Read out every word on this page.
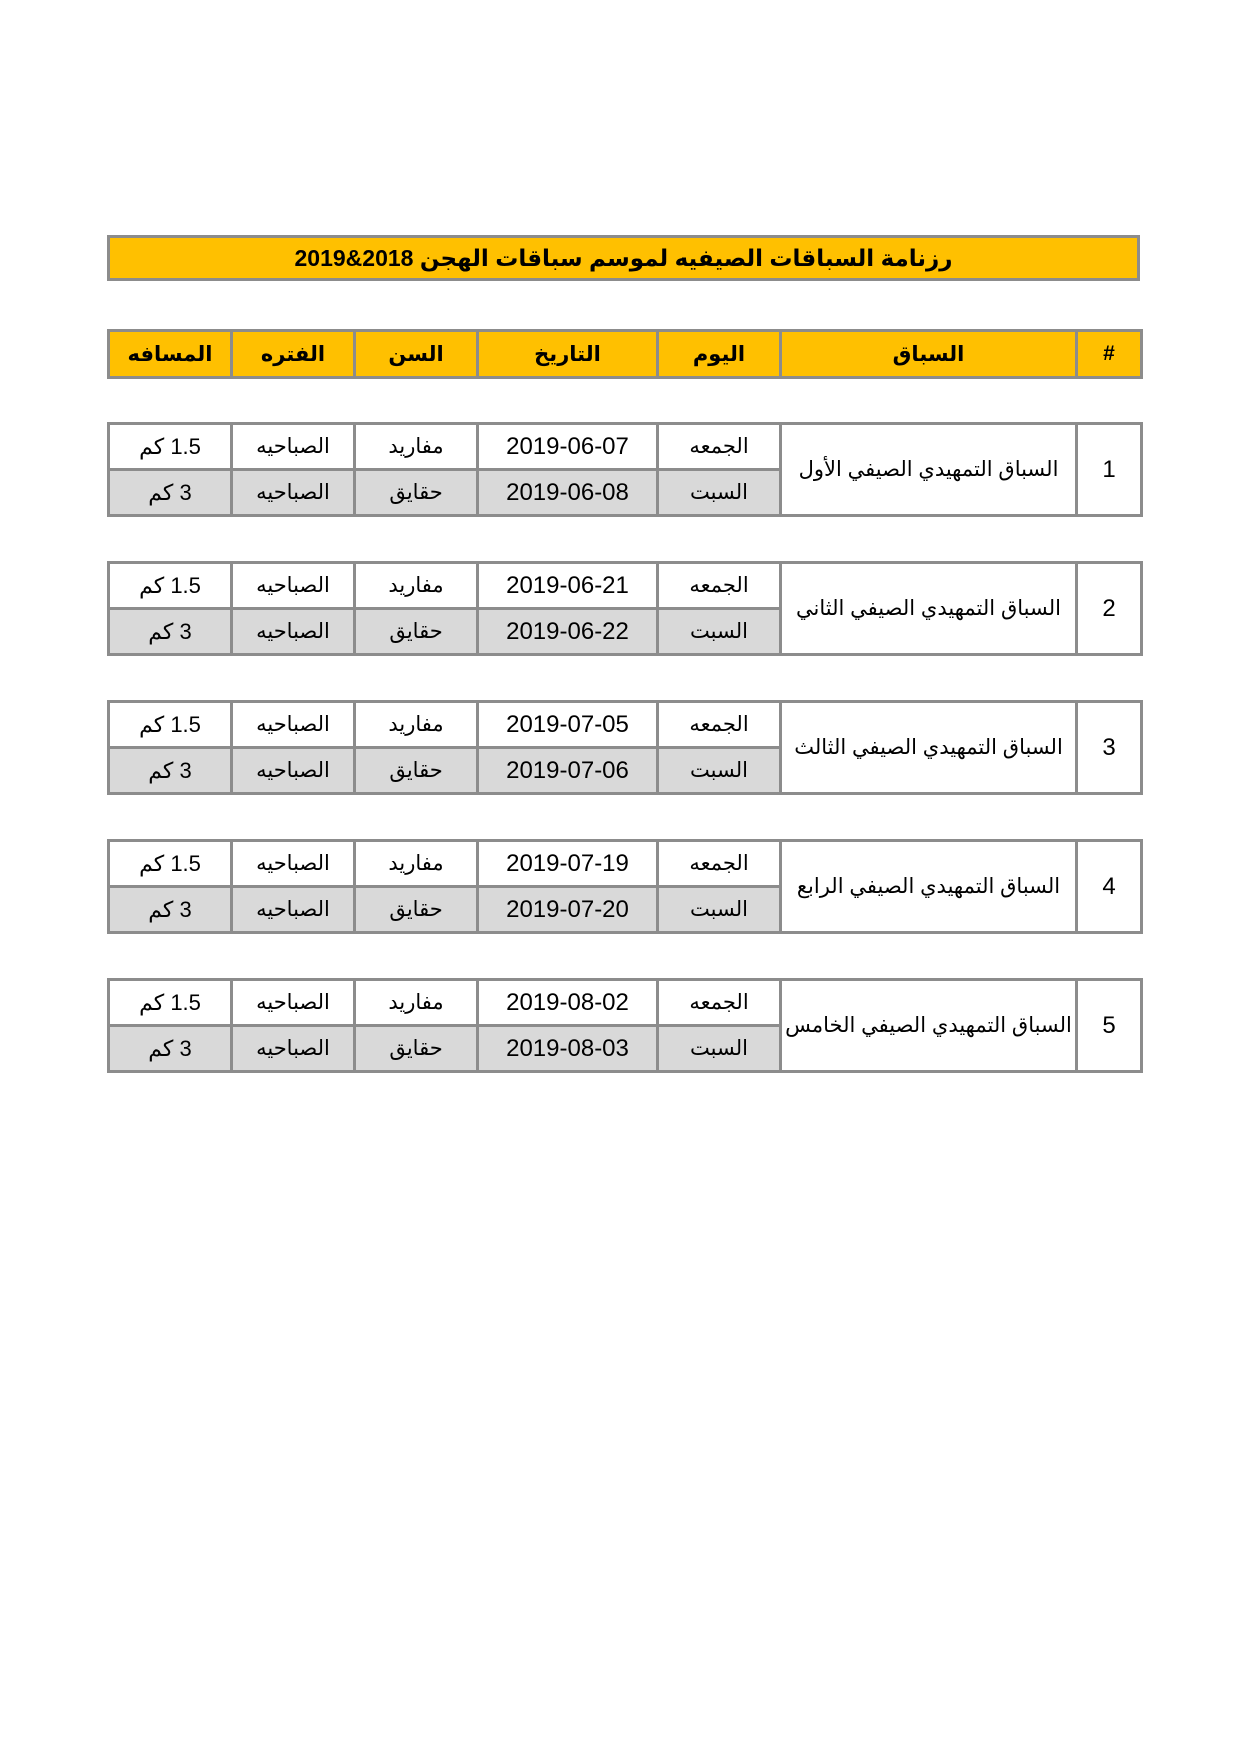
رزنامة السباقات الصيفيه لموسم سباقات الهجن 2018&2019
#	السباق	اليوم	التاريخ	السن	الفتره	المسافه
1	السباق التمهيدي الصيفي الأول	الجمعه	2019-06-07	مفاريد	الصباحيه	1.5 كم
		السبت	2019-06-08	حقايق	الصباحيه	3 كم
2	السباق التمهيدي الصيفي الثاني	الجمعه	2019-06-21	مفاريد	الصباحيه	1.5 كم
		السبت	2019-06-22	حقايق	الصباحيه	3 كم
3	السباق التمهيدي الصيفي الثالث	الجمعه	2019-07-05	مفاريد	الصباحيه	1.5 كم
		السبت	2019-07-06	حقايق	الصباحيه	3 كم
4	السباق التمهيدي الصيفي الرابع	الجمعه	2019-07-19	مفاريد	الصباحيه	1.5 كم
		السبت	2019-07-20	حقايق	الصباحيه	3 كم
5	السباق التمهيدي الصيفي الخامس	الجمعه	2019-08-02	مفاريد	الصباحيه	1.5 كم
		السبت	2019-08-03	حقايق	الصباحيه	3 كم
